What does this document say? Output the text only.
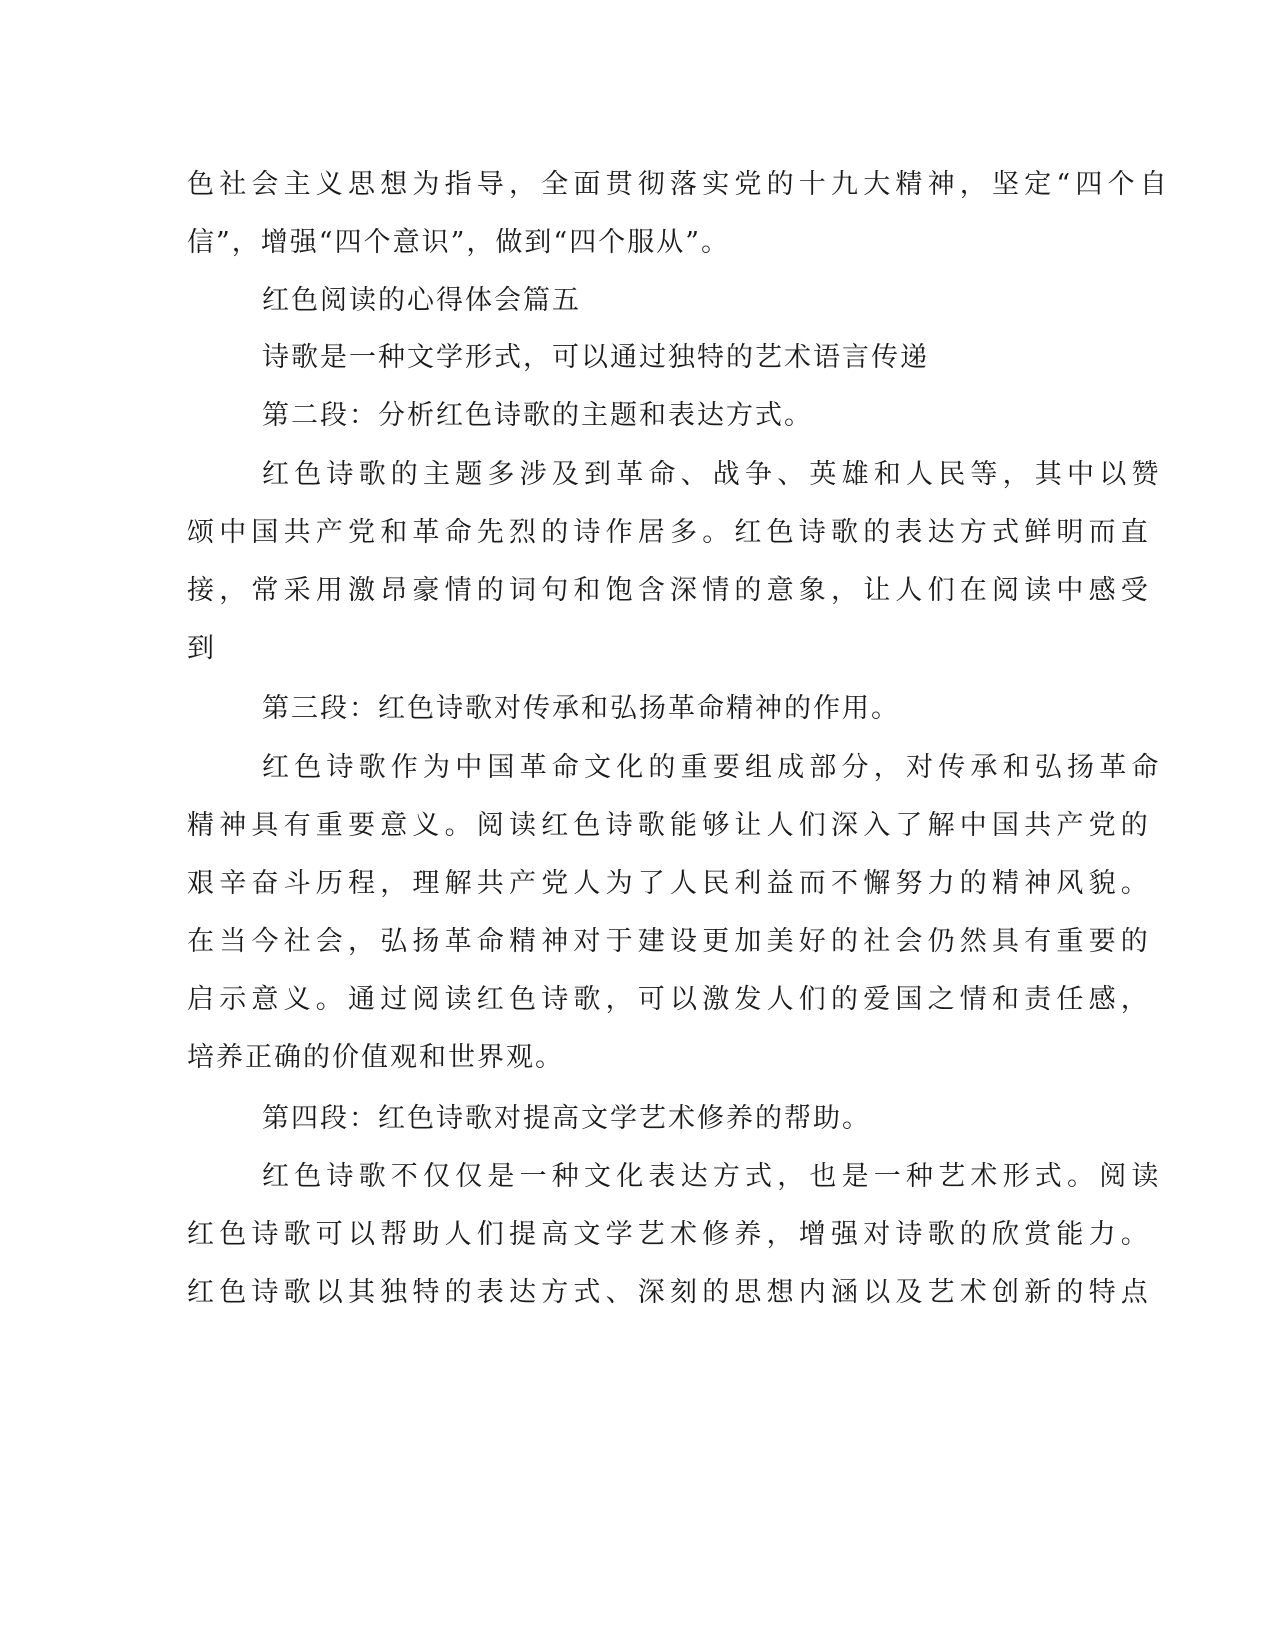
色社会主义思想为指导，全面贯彻落实党的十九大精神，坚定“四个自
信”，增强“四个意识”，做到“四个服从”。
红色阅读的心得体会篇五
诗歌是一种文学形式，可以通过独特的艺术语言传递
第二段：分析红色诗歌的主题和表达方式。
红色诗歌的主题多涉及到革命、战争、英雄和人民等，其中以赞
颂中国共产党和革命先烈的诗作居多。红色诗歌的表达方式鲜明而直
接，常采用激昂豪情的词句和饱含深情的意象，让人们在阅读中感受
到
第三段：红色诗歌对传承和弘扬革命精神的作用。
红色诗歌作为中国革命文化的重要组成部分，对传承和弘扬革命
精神具有重要意义。阅读红色诗歌能够让人们深入了解中国共产党的
艰辛奋斗历程，理解共产党人为了人民利益而不懈努力的精神风貌。
在当今社会，弘扬革命精神对于建设更加美好的社会仍然具有重要的
启示意义。通过阅读红色诗歌，可以激发人们的爱国之情和责任感，
培养正确的价值观和世界观。
第四段：红色诗歌对提高文学艺术修养的帮助。
红色诗歌不仅仅是一种文化表达方式，也是一种艺术形式。阅读
红色诗歌可以帮助人们提高文学艺术修养，增强对诗歌的欣赏能力。
红色诗歌以其独特的表达方式、深刻的思想内涵以及艺术创新的特点
